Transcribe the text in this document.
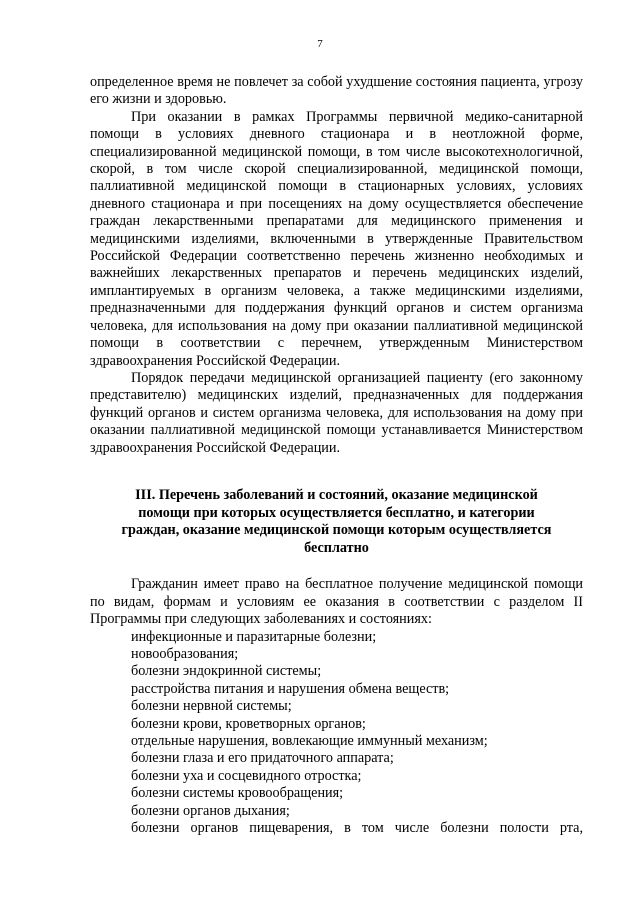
7

определенное время не повлечет за собой ухудшение состояния пациента, угрозу его жизни и здоровью.

При оказании в рамках Программы первичной медико-санитарной помощи в условиях дневного стационара и в неотложной форме, специализированной медицинской помощи, в том числе высокотехнологичной, скорой, в том числе скорой специализированной, медицинской помощи, паллиативной медицинской помощи в стационарных условиях, условиях дневного стационара и при посещениях на дому осуществляется обеспечение граждан лекарственными препаратами для медицинского применения и медицинскими изделиями, включенными в утвержденные Правительством Российской Федерации соответственно перечень жизненно необходимых и важнейших лекарственных препаратов и перечень медицинских изделий, имплантируемых в организм человека, а также медицинскими изделиями, предназначенными для поддержания функций органов и систем организма человека, для использования на дому при оказании паллиативной медицинской помощи в соответствии с перечнем, утвержденным Министерством здравоохранения Российской Федерации.

Порядок передачи медицинской организацией пациенту (его законному представителю) медицинских изделий, предназначенных для поддержания функций органов и систем организма человека, для использования на дому при оказании паллиативной медицинской помощи устанавливается Министерством здравоохранения Российской Федерации.

III. Перечень заболеваний и состояний, оказание медицинской помощи при которых осуществляется бесплатно, и категории граждан, оказание медицинской помощи которым осуществляется бесплатно

Гражданин имеет право на бесплатное получение медицинской помощи по видам, формам и условиям ее оказания в соответствии с разделом II Программы при следующих заболеваниях и состояниях:

инфекционные и паразитарные болезни;
новообразования;
болезни эндокринной системы;
расстройства питания и нарушения обмена веществ;
болезни нервной системы;
болезни крови, кроветворных органов;
отдельные нарушения, вовлекающие иммунный механизм;
болезни глаза и его придаточного аппарата;
болезни уха и сосцевидного отростка;
болезни системы кровообращения;
болезни органов дыхания;
болезни органов пищеварения, в том числе болезни полости рта,
